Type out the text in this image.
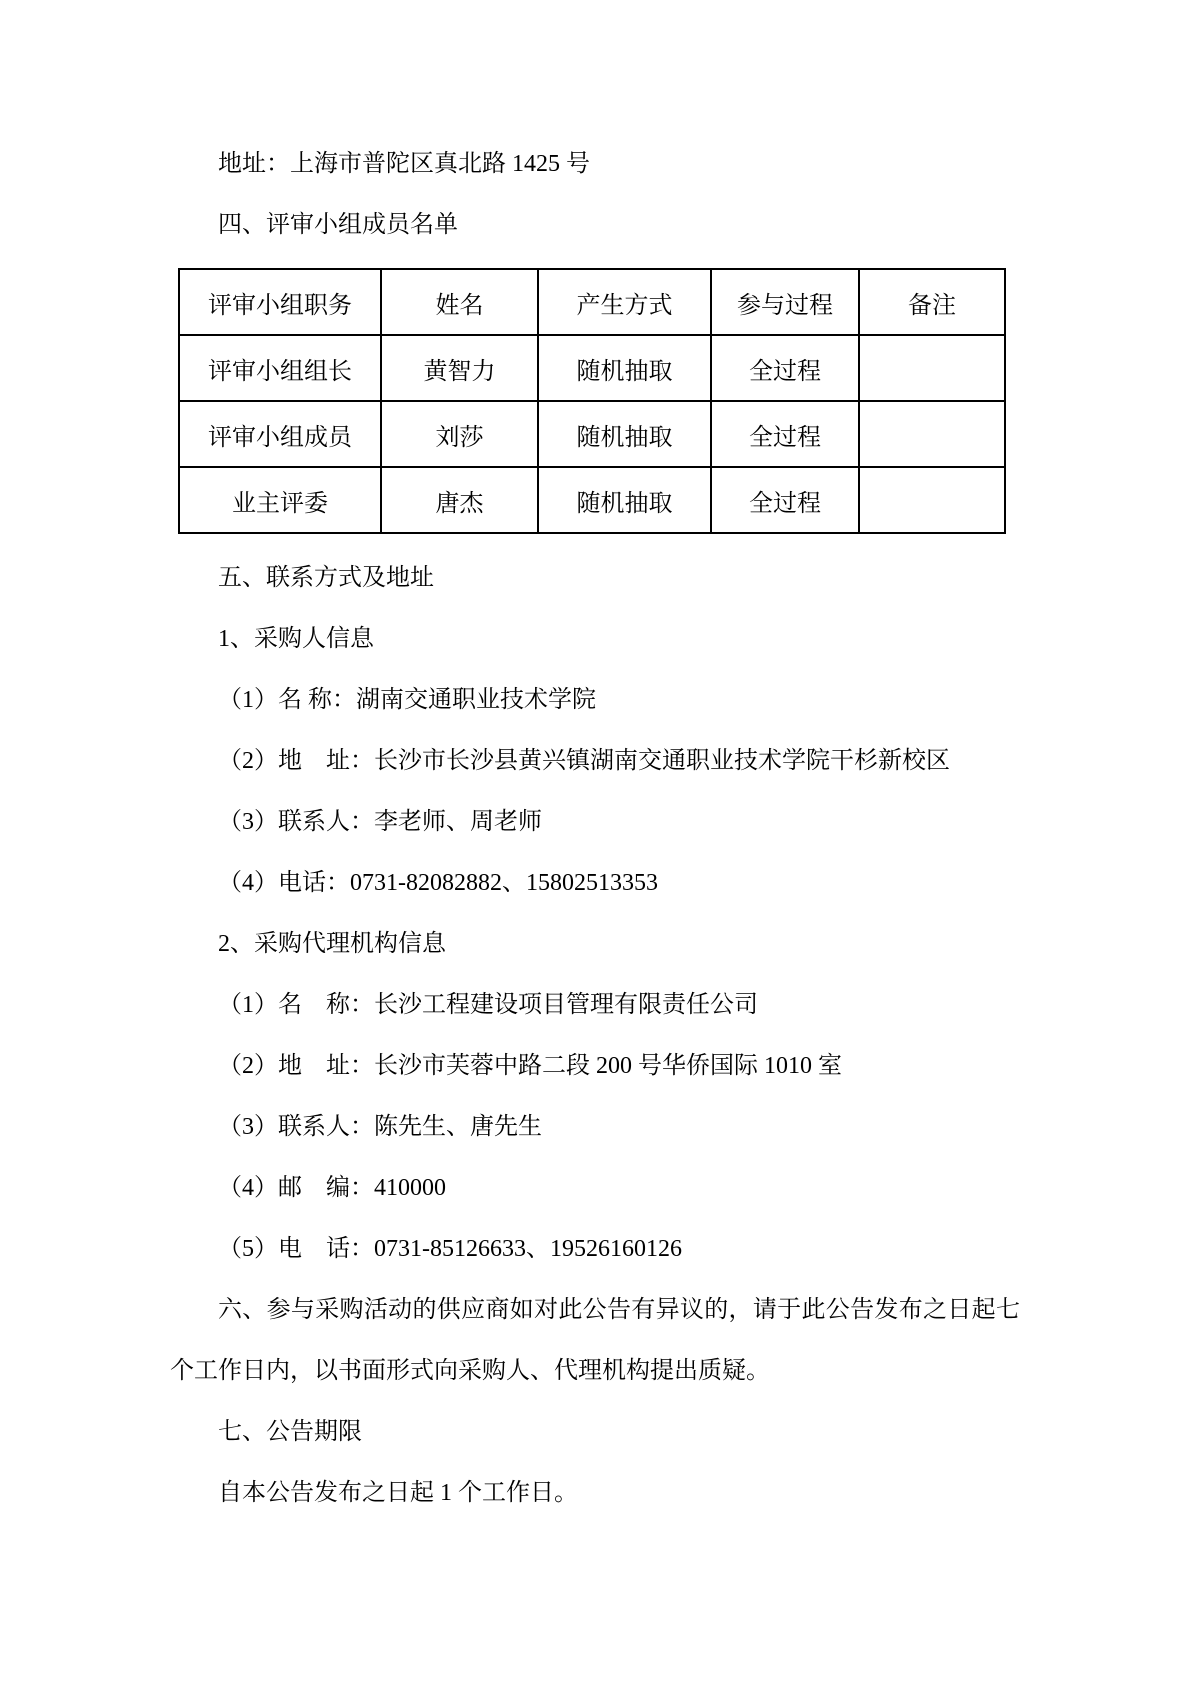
地址：上海市普陀区真北路 1425 号

四、评审小组成员名单

评审小组职务	姓名	产生方式	参与过程	备注
评审小组组长	黄智力	随机抽取	全过程	
评审小组成员	刘莎	随机抽取	全过程	
业主评委	唐杰	随机抽取	全过程	

五、联系方式及地址

1、采购人信息

（1）名 称：湖南交通职业技术学院

（2）地　址：长沙市长沙县黄兴镇湖南交通职业技术学院干杉新校区

（3）联系人：李老师、周老师

（4）电话：0731-82082882、15802513353

2、采购代理机构信息

（1）名　称：长沙工程建设项目管理有限责任公司

（2）地　址：长沙市芙蓉中路二段 200 号华侨国际 1010 室

（3）联系人：陈先生、唐先生

（4）邮　编：410000

（5）电　话：0731-85126633、19526160126

六、参与采购活动的供应商如对此公告有异议的，请于此公告发布之日起七个工作日内，以书面形式向采购人、代理机构提出质疑。

七、公告期限

自本公告发布之日起 1 个工作日。
